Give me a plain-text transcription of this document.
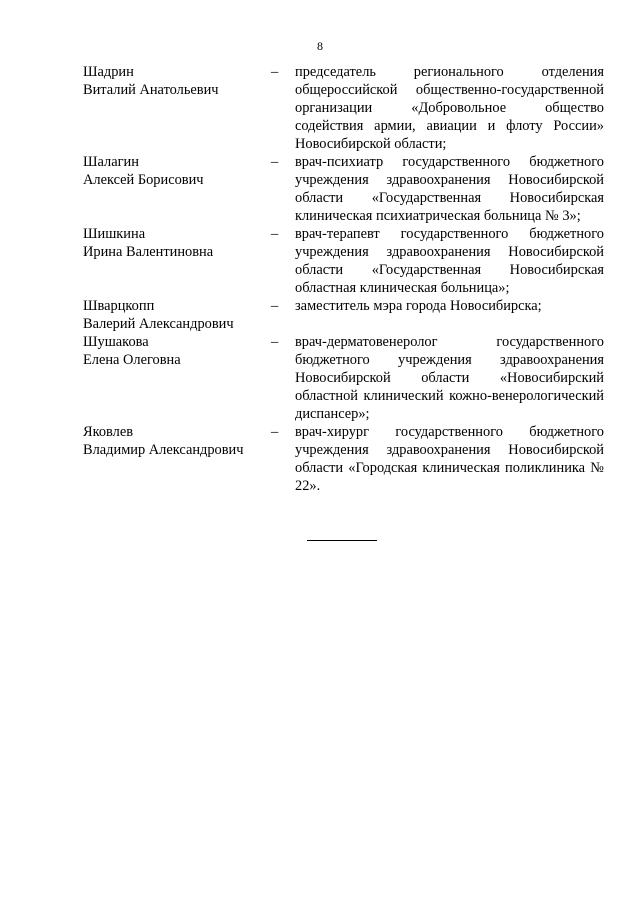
8
Шадрин
Виталий Анатольевич
–	председатель регионального отделения общероссийской общественно-государственной организации «Добровольное общество содействия армии, авиации и флоту России» Новосибирской области;
Шалагин
Алексей Борисович
–	врач-психиатр государственного бюджетного учреждения здравоохранения Новосибирской области «Государственная Новосибирская клиническая психиатрическая больница № 3»;
Шишкина
Ирина Валентиновна
–	врач-терапевт государственного бюджетного учреждения здравоохранения Новосибирской области «Государственная Новосибирская областная клиническая больница»;
Шварцкопп
Валерий Александрович
–	заместитель мэра города Новосибирска;
Шушакова
Елена Олеговна
–	врач-дерматовенеролог государственного бюджетного учреждения здравоохранения Новосибирской области «Новосибирский областной клинический кожно-венерологический диспансер»;
Яковлев
Владимир Александрович
–	врач-хирург государственного бюджетного учреждения здравоохранения Новосибирской области «Городская клиническая поликлиника № 22».
